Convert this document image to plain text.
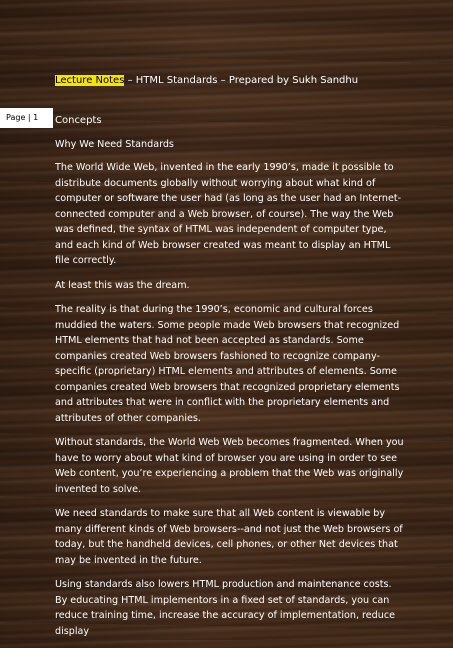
Lecture Notes – HTML Standards – Prepared by Sukh Sandhu
Page | 1	Concepts
Why We Need Standards

The World Wide Web, invented in the early 1990’s, made it possible to distribute documents globally without worrying about what kind of computer or software the user had (as long as the user had an Internet-connected computer and a Web browser, of course). The way the Web was defined, the syntax of HTML was independent of computer type, and each kind of Web browser created was meant to display an HTML file correctly.

At least this was the dream.

The reality is that during the 1990’s, economic and cultural forces muddied the waters. Some people made Web browsers that recognized HTML elements that had not been accepted as standards. Some companies created Web browsers fashioned to recognize company-specific (proprietary) HTML elements and attributes of elements. Some companies created Web browsers that recognized proprietary elements and attributes that were in conflict with the proprietary elements and attributes of other companies.

Without standards, the World Web Web becomes fragmented. When you have to worry about what kind of browser you are using in order to see Web content, you’re experiencing a problem that the Web was originally invented to solve.

We need standards to make sure that all Web content is viewable by many different kinds of Web browsers--and not just the Web browsers of today, but the handheld devices, cell phones, or other Net devices that may be invented in the future.

Using standards also lowers HTML production and maintenance costs. By educating HTML implementors in a fixed set of standards, you can reduce training time, increase the accuracy of implementation, reduce display
